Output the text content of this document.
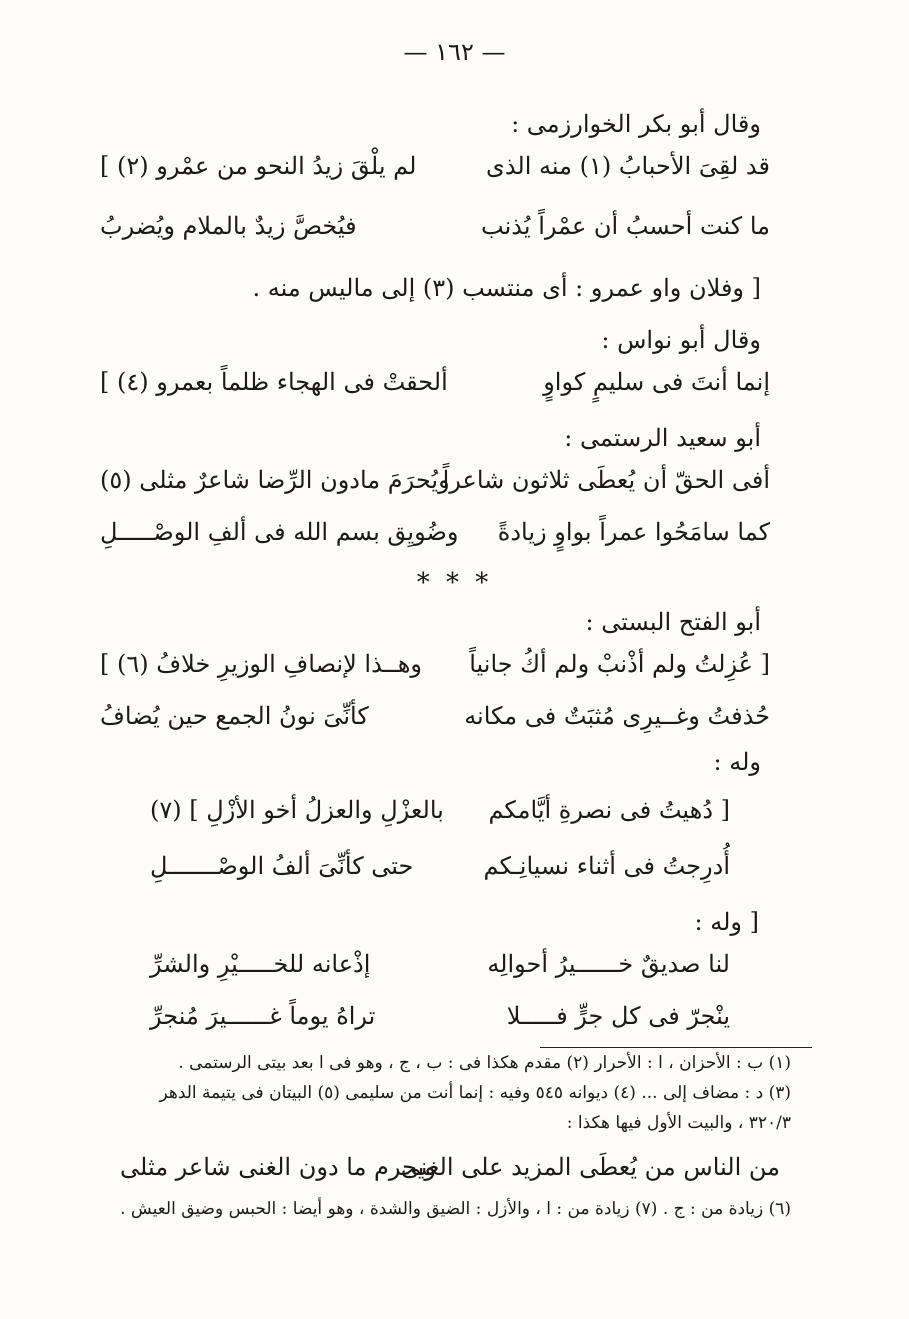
— ١٦٢ —
وقال أبو بكر الخوارزمى :
قد لقِىَ الأحبابُ (١) منه الذى
لم يلْقَ زيدُ النحو من عمْرو (٢) ]
ما كنت أحسبُ أن عمْراً يُذنب
فيُخصَّ زيدٌ بالملام ويُضربُ
[ وفلان واو عمرو : أى منتسب (٣) إلى ماليس منه .
وقال أبو نواس :
إنما أنتَ فى سليمٍ كواوٍ
ألحقتْ فى الهجاء ظلماً بعمرو (٤) ]
أبو سعيد الرستمى :
أفى الحقّ أن يُعطَى ثلاثون شاعراً
ويُحرَمَ مادون الرِّضا شاعرٌ مثلى (٥)
كما سامَحُوا عمراً بواوٍ زيادةً
وضُويِق بسم الله فى ألفِ الوصْـــــلِ
* * *
أبو الفتح البستى :
[ عُزِلتُ ولم أذْنبْ ولم أكُ جانياً
وهــذا لإنصافِ الوزيرِ خلافُ (٦) ]
حُذفتُ وغــيرِى مُثبَتٌ فى مكانه
كأنِّىَ نونُ الجمع حين يُضافُ
وله :
[ دُهيتُ فى نصرةِ أيَّامكم
بالعزْلِ والعزلُ أخو الأزْلِ ] (٧)
أُدرِجتُ فى أثناء نسيانِـكم
حتى كأنِّىَ ألفُ الوصْـــــــلِ
[ وله :
لنا صديقٌ خــــــيرُ أحوالِه
إذْعانه للخـــــيْرِ والشرِّ
ينْجرّ فى كل جرٍّ فـــــلا
تراهُ يوماً غــــــيرَ مُنجرِّ
(١) ب : الأحزان ، ا : الأحرار (٢) مقدم هكذا فى : ب ، ج ، وهو فى ا بعد بيتى الرستمى .
(٣) د : مضاف إلى ... (٤) ديوانه ٥٤٥ وفيه : إنما أنت من سليمى (٥) البيتان فى يتيمة الدهر
٣٢٠/٣ ، والبيت الأول فيها هكذا :
من الناس من يُعطَى المزيد على الغنى
ويحرم ما دون الغنى شاعر مثلى
(٦) زيادة من : ج . (٧) زيادة من : ا ، والأزل : الضيق والشدة ، وهو أيضا : الحبس وضيق العيش .
